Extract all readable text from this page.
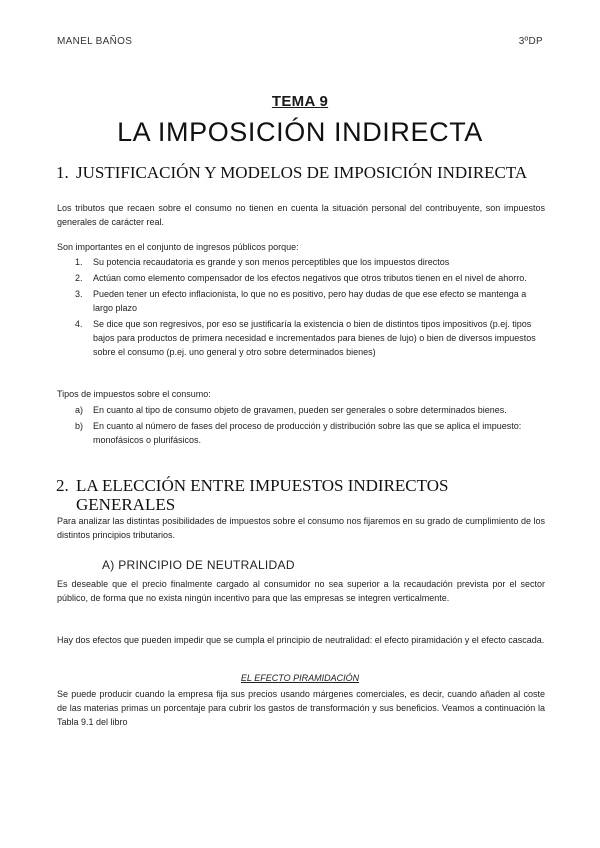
MANEL BAÑOS	3ºDP
TEMA 9
LA IMPOSICIÓN INDIRECTA
1. JUSTIFICACIÓN Y MODELOS DE IMPOSICIÓN INDIRECTA
Los tributos que recaen sobre el consumo no tienen en cuenta la situación personal del contribuyente, son impuestos generales de carácter real.
Son importantes en el conjunto de ingresos públicos porque:
1. Su potencia recaudatoria es grande y son menos perceptibles que los impuestos directos
2. Actúan como elemento compensador de los efectos negativos que otros tributos tienen en el nivel de ahorro.
3. Pueden tener un efecto inflacionista, lo que no es positivo, pero hay dudas de que ese efecto se mantenga a largo plazo
4. Se dice que son regresivos, por eso se justificaría la existencia o bien de distintos tipos impositivos (p.ej. tipos bajos para productos de primera necesidad e incrementados para bienes de lujo) o bien de diversos impuestos sobre el consumo (p.ej. uno general y otro sobre determinados bienes)
Tipos de impuestos sobre el consumo:
a) En cuanto al tipo de consumo objeto de gravamen, pueden ser generales o sobre determinados bienes.
b) En cuanto al número de fases del proceso de producción y distribución sobre las que se aplica el impuesto: monofásicos o plurifásicos.
2. LA ELECCIÓN ENTRE IMPUESTOS INDIRECTOS GENERALES
Para analizar las distintas posibilidades de impuestos sobre el consumo nos fijaremos en su grado de cumplimiento de los distintos principios tributarios.
A) PRINCIPIO DE NEUTRALIDAD
Es deseable que el precio finalmente cargado al consumidor no sea superior a la recaudación prevista por el sector público, de forma que no exista ningún incentivo para que las empresas se integren verticalmente.
Hay dos efectos que pueden impedir que se cumpla el principio de neutralidad: el efecto piramidación y el efecto cascada.
EL EFECTO PIRAMIDACIÓN
Se puede producir cuando la empresa fija sus precios usando márgenes comerciales, es decir, cuando añaden al coste de las materias primas un porcentaje para cubrir los gastos de transformación y sus beneficios. Veamos a continuación la Tabla 9.1 del libro
